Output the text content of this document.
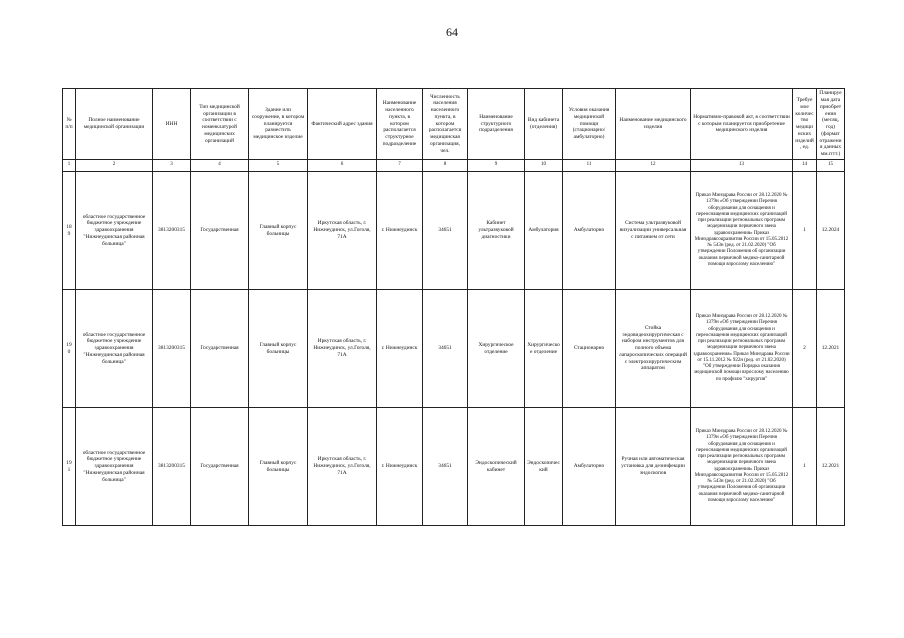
64
№ п/п	Полное наименование медицинской организации	ИНН	Тип медицинской организации в соответствии с номенклатурой медицинских организаций	Здание или сооружение, в котором планируется разместить медицинское изделие	Фактический адрес здания	Наименование населенного пункта, в котором располагается структурное подразделение	Численность населения населенного пункта, в котором располагается медицинская организация, чел.	Наименование структурного подразделения	Вид кабинета (отделения)	Условия оказания медицинской помощи (стационарно/амбулаторно)	Наименование медицинского изделия	Нормативно-правовой акт, в соответствии с которым планируется приобретение медицинского изделия	Требуемое количество медицинских изделий, ед.	Планируемая дата приобретения (месяц, год) (формат отражения данных мм.гггг.)
1	2	3	4	5	6	7	8	9	10	11	12	13	14	15
189	областное государственное бюджетное учреждение здравоохранения "Нижнеудинская районная больница"	3813200315	Государственная	Главный корпус больницы	Иркутская область, г. Нижнеудинск, ул.Гоголя, 71А	г. Нижнеудинск	34651	Кабинет ультразвуковой диагностики	Амбулатория	Амбулаторно	Система ультразвуковой визуализации универсальная с питанием от сети	Приказ Минздрава России от 28.12.2020 № 1379н «Об утверждении Перечня оборудования для оснащения и переоснащения медицинских организаций при реализации региональных программ модернизации первичного звена здравоохранения» Приказ Минздравсоцразвития России от 15.05.2012 № 543н (ред. от 21.02.2020) "Об утверждении Положения об организации оказания первичной медико-санитарной помощи взрослому населению"	1	12.2024
190	областное государственное бюджетное учреждение здравоохранения "Нижнеудинская районная больница"	3813200315	Государственная	Главный корпус больницы	Иркутская область, г. Нижнеудинск, ул.Гоголя, 71А	г. Нижнеудинск	34651	Хирургическое отделение	Хирургическое отделение	Стационарно	Стойка эндовидеохирургическая с набором инструментов для полного объема лапароскопических операций с электрохирургическим аппаратом	Приказ Минздрава России от 28.12.2020 № 1379н «Об утверждении Перечня оборудования для оснащения и переоснащения медицинских организаций при реализации региональных программ модернизации первичного звена здравоохранения» Приказ Минздрава России от 15.11.2012 № 922н (ред. от 21.02.2020) "Об утверждении Порядка оказания медицинской помощи взрослому населению по профилю "хирургия"	2	12.2021
191	областное государственное бюджетное учреждение здравоохранения "Нижнеудинская районная больница"	3813200315	Государственная	Главный корпус больницы	Иркутская область, г. Нижнеудинск, ул.Гоголя, 71А	г. Нижнеудинск	34651	Эндоскопический кабинет	Эндоскопический	Амбулаторно	Ручная или автоматическая установка для дезинфекции эндоскопов	Приказ Минздрава России от 28.12.2020 № 1379н «Об утверждении Перечня оборудования для оснащения и переоснащения медицинских организаций при реализации региональных программ модернизации первичного звена здравоохранения» Приказ Минздравсоцразвития России от 15.05.2012 № 543н (ред. от 21.02.2020) "Об утверждении Положения об организации оказания первичной медико-санитарной помощи взрослому населению"	1	12.2021
